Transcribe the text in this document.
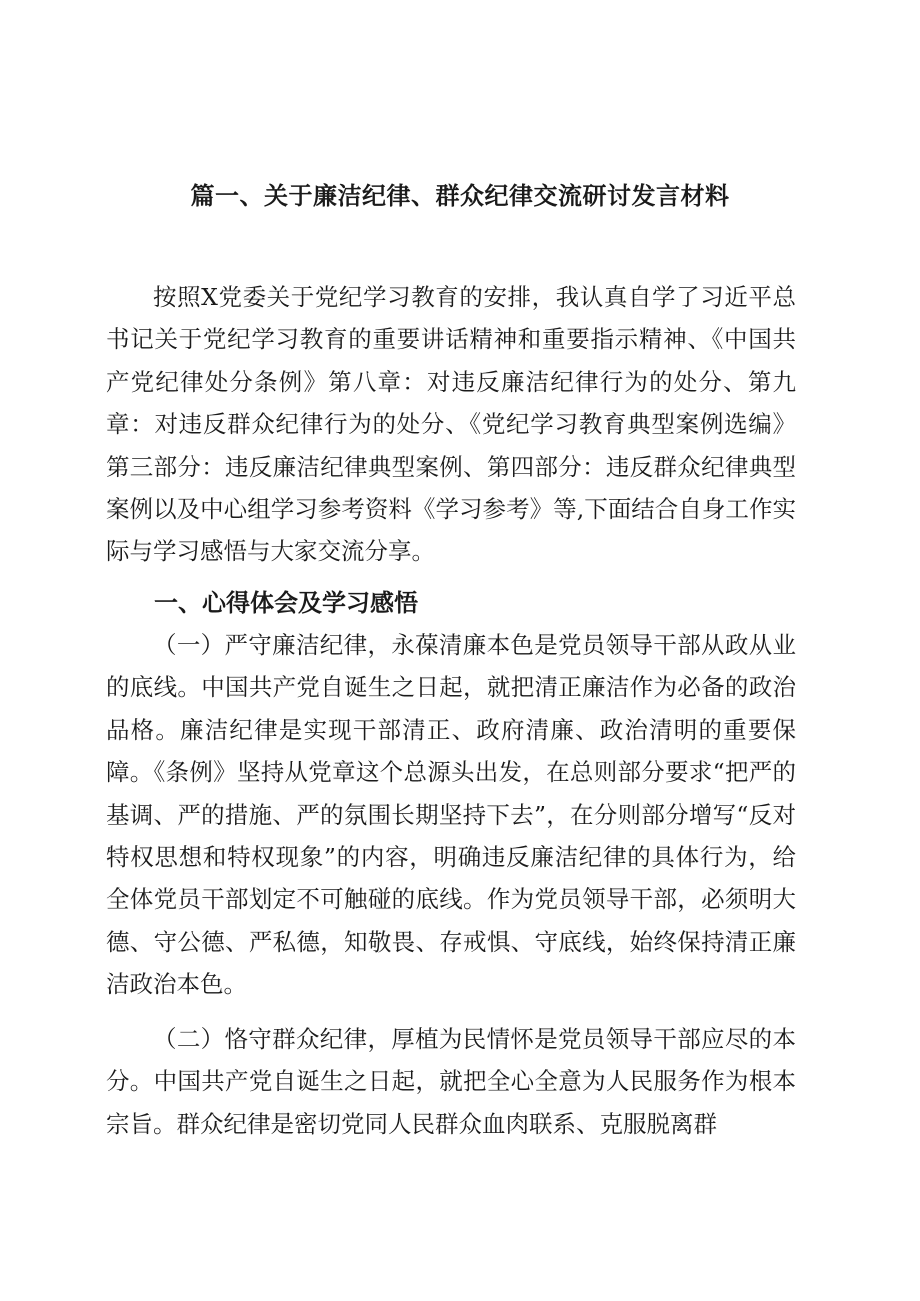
篇一、关于廉洁纪律、群众纪律交流研讨发言材料

按照X党委关于党纪学习教育的安排，我认真自学了习近平总书记关于党纪学习教育的重要讲话精神和重要指示精神、《中国共产党纪律处分条例》第八章：对违反廉洁纪律行为的处分、第九章：对违反群众纪律行为的处分、《党纪学习教育典型案例选编》第三部分：违反廉洁纪律典型案例、第四部分：违反群众纪律典型案例以及中心组学习参考资料《学习参考》等,下面结合自身工作实际与学习感悟与大家交流分享。

一、心得体会及学习感悟

（一）严守廉洁纪律，永葆清廉本色是党员领导干部从政从业的底线。中国共产党自诞生之日起，就把清正廉洁作为必备的政治品格。廉洁纪律是实现干部清正、政府清廉、政治清明的重要保障。《条例》坚持从党章这个总源头出发，在总则部分要求“把严的基调、严的措施、严的氛围长期坚持下去”，在分则部分增写“反对特权思想和特权现象”的内容，明确违反廉洁纪律的具体行为，给全体党员干部划定不可触碰的底线。作为党员领导干部，必须明大德、守公德、严私德，知敬畏、存戒惧、守底线，始终保持清正廉洁政治本色。

（二）恪守群众纪律，厚植为民情怀是党员领导干部应尽的本分。中国共产党自诞生之日起，就把全心全意为人民服务作为根本宗旨。群众纪律是密切党同人民群众血肉联系、克服脱离群
